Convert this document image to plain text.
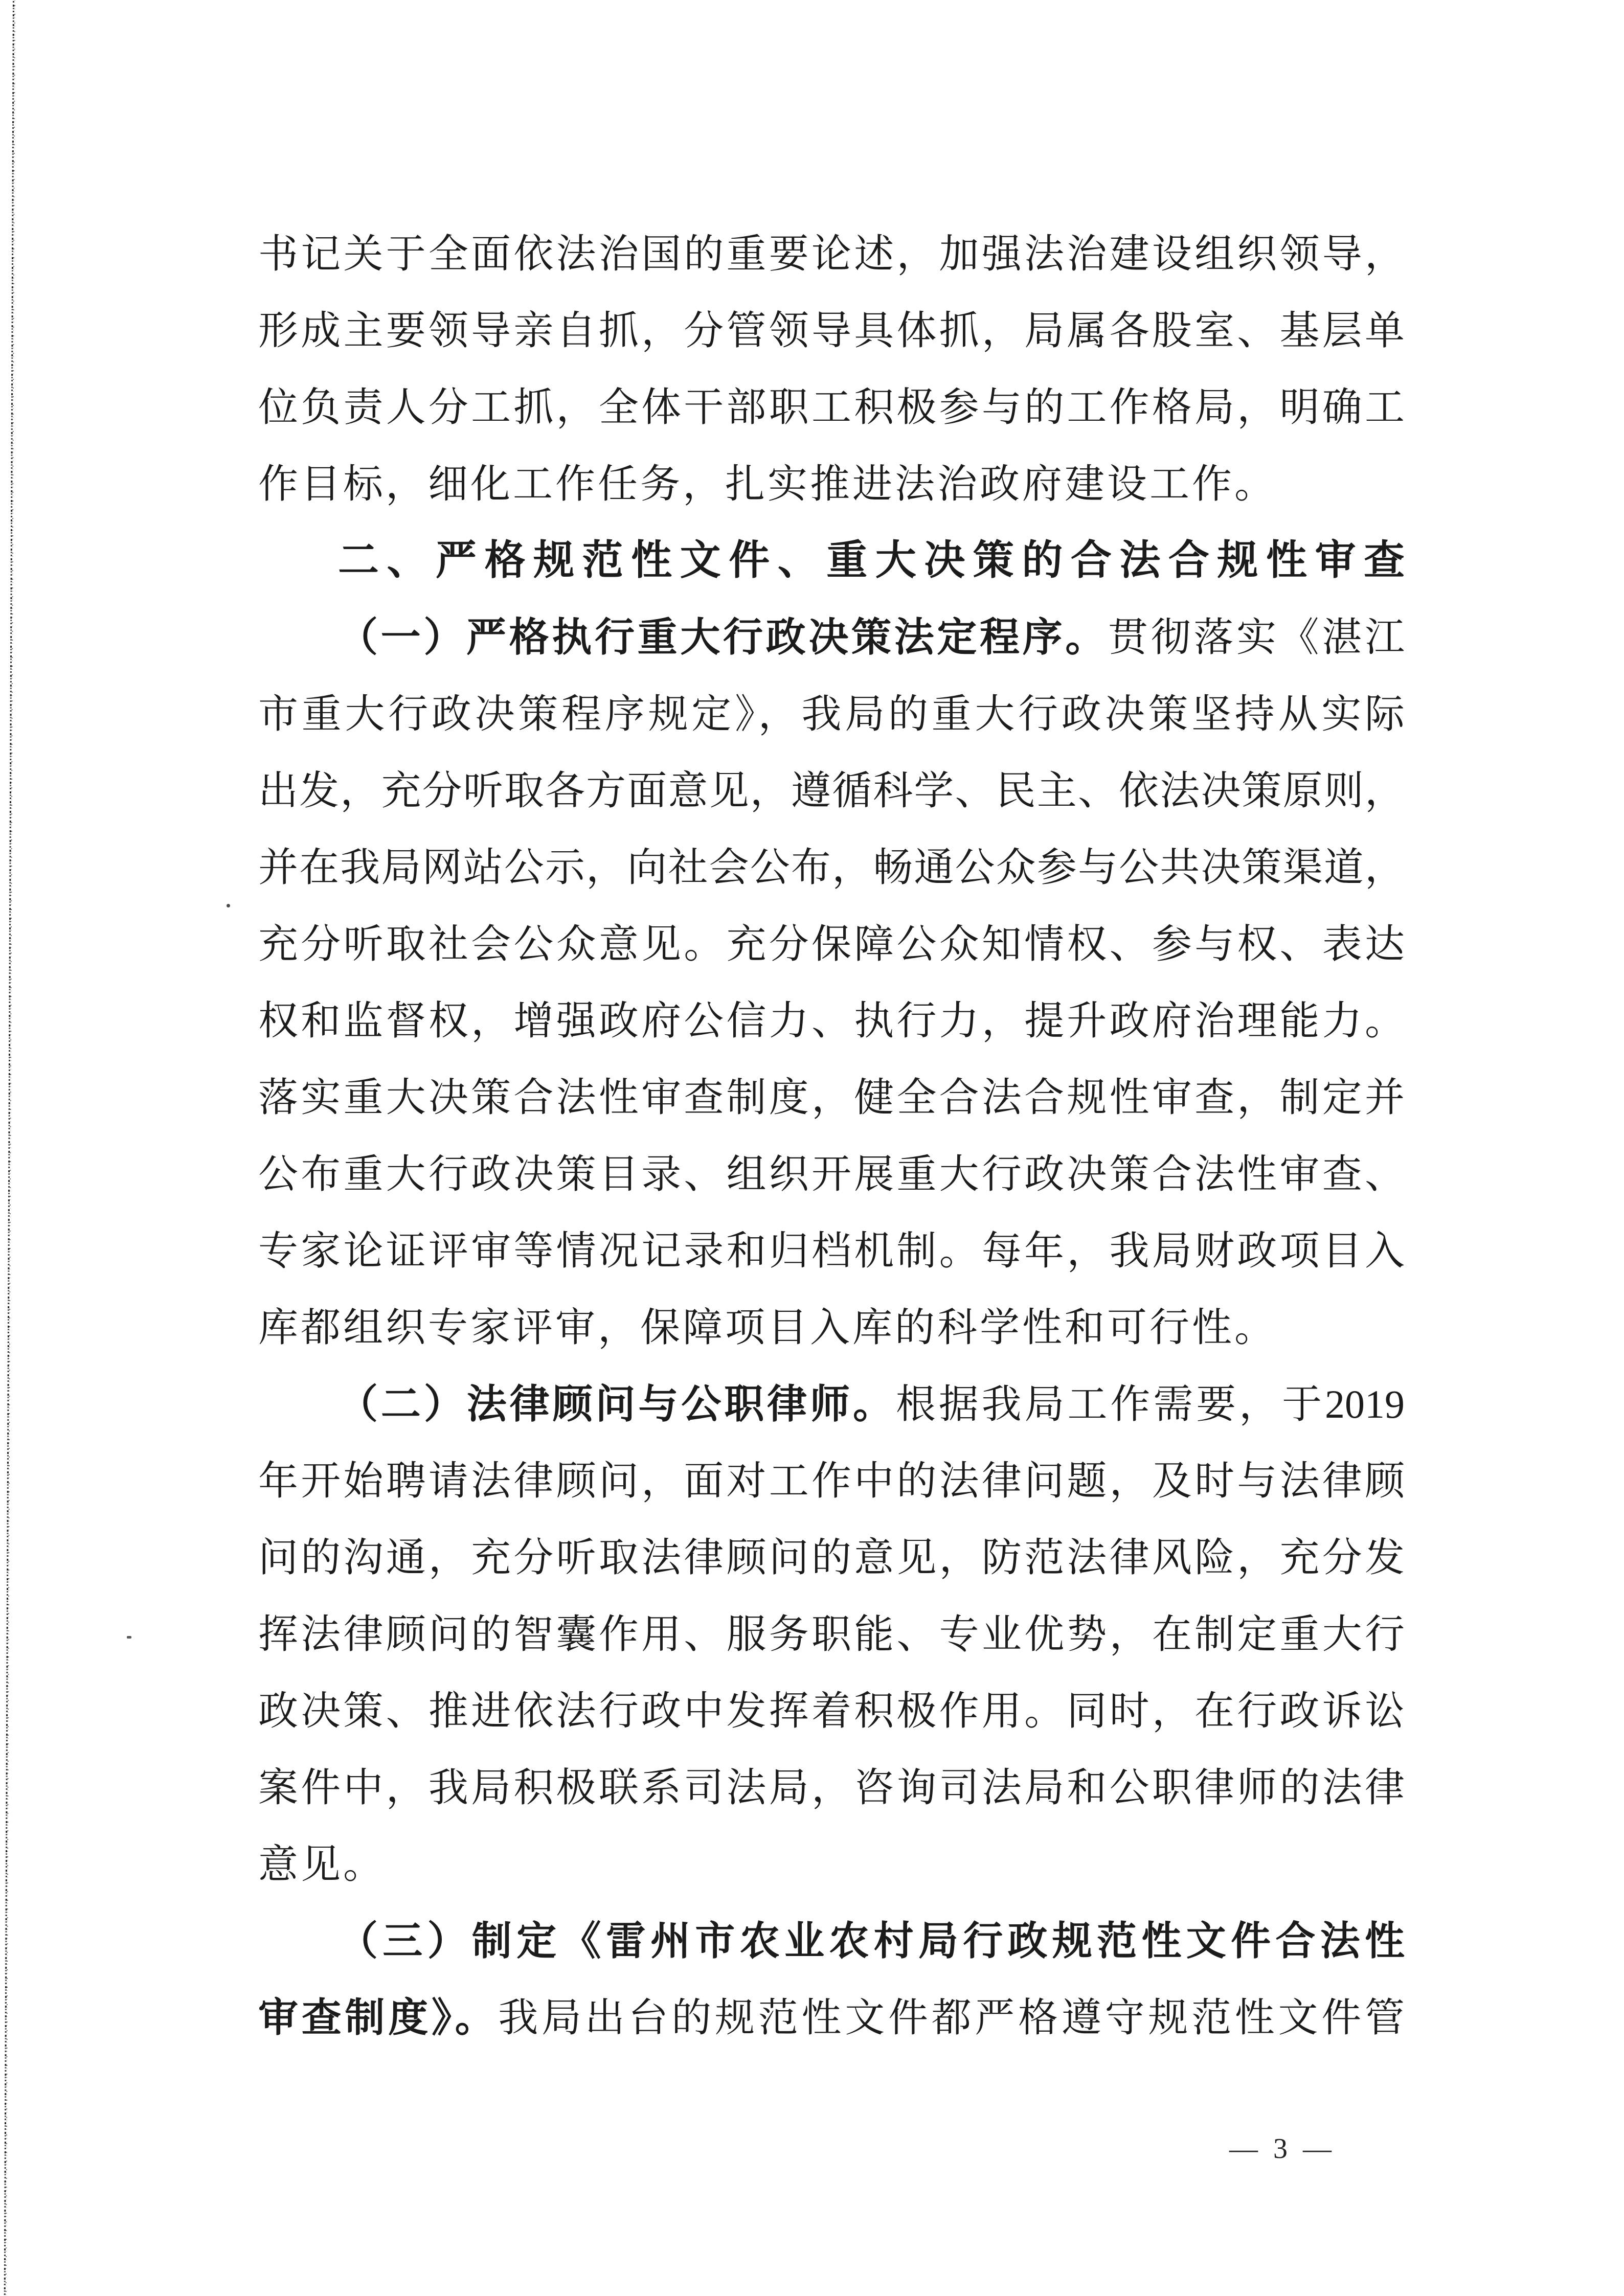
书记关于全面依法治国的重要论述，加强法治建设组织领导，
形成主要领导亲自抓，分管领导具体抓，局属各股室、基层单
位负责人分工抓，全体干部职工积极参与的工作格局，明确工
作目标，细化工作任务，扎实推进法治政府建设工作。
二、严格规范性文件、重大决策的合法合规性审查
（一）严格执行重大行政决策法定程序。贯彻落实《湛江
市重大行政决策程序规定》，我局的重大行政决策坚持从实际
出发，充分听取各方面意见，遵循科学、民主、依法决策原则，
并在我局网站公示，向社会公布，畅通公众参与公共决策渠道，
充分听取社会公众意见。充分保障公众知情权、参与权、表达
权和监督权，增强政府公信力、执行力，提升政府治理能力。
落实重大决策合法性审查制度，健全合法合规性审查，制定并
公布重大行政决策目录、组织开展重大行政决策合法性审查、
专家论证评审等情况记录和归档机制。每年，我局财政项目入
库都组织专家评审，保障项目入库的科学性和可行性。
（二）法律顾问与公职律师。根据我局工作需要，于2019
年开始聘请法律顾问，面对工作中的法律问题，及时与法律顾
问的沟通，充分听取法律顾问的意见，防范法律风险，充分发
挥法律顾问的智囊作用、服务职能、专业优势，在制定重大行
政决策、推进依法行政中发挥着积极作用。同时，在行政诉讼
案件中，我局积极联系司法局，咨询司法局和公职律师的法律
意见。
（三）制定《雷州市农业农村局行政规范性文件合法性
审查制度》。我局出台的规范性文件都严格遵守规范性文件管
— 3 —
